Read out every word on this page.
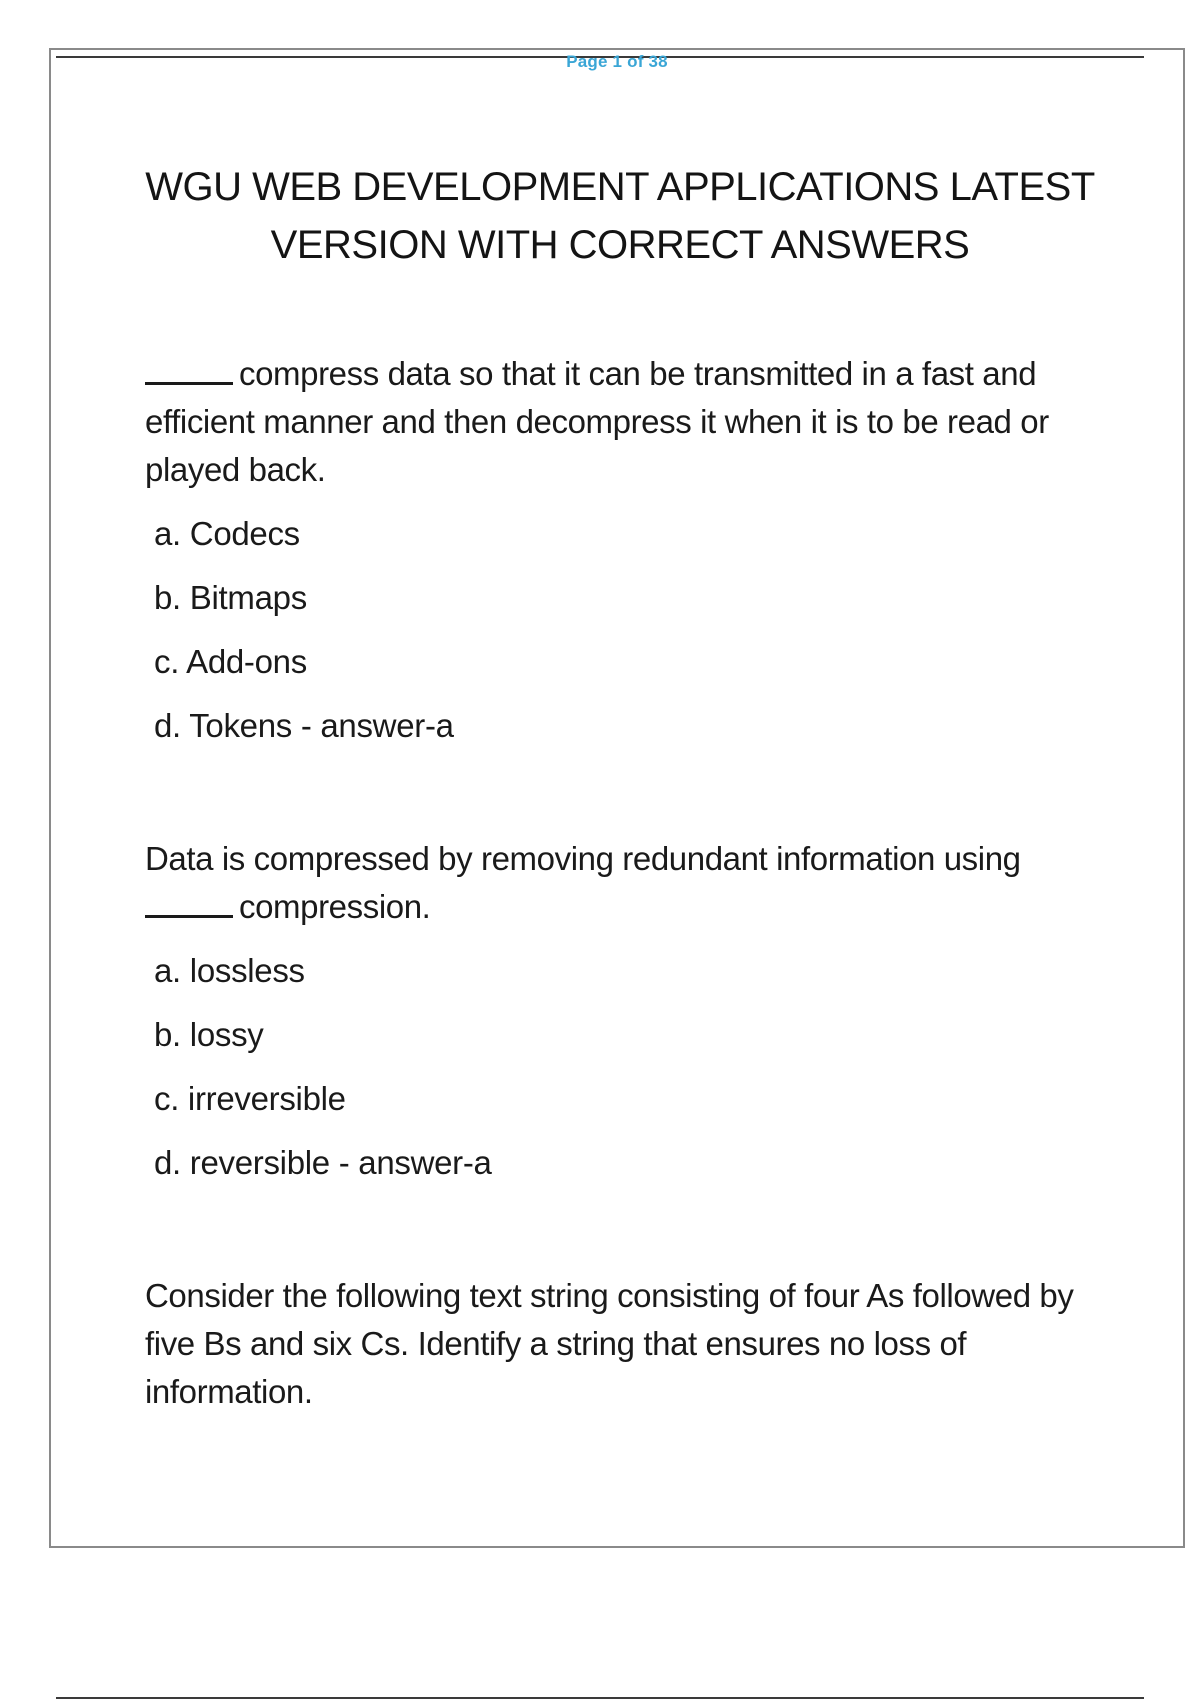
Page 1 of 38
WGU WEB DEVELOPMENT APPLICATIONS LATEST
VERSION WITH CORRECT ANSWERS

compress data so that it can be transmitted in a fast and efficient manner and then decompress it when it is to be read or played back.

a. Codecs
b. Bitmaps
c. Add-ons
d. Tokens - answer-a

Data is compressed by removing redundant information using
compression.

a. lossless
b. lossy
c. irreversible
d. reversible - answer-a

Consider the following text string consisting of four As followed by five Bs and six Cs. Identify a string that ensures no loss of information.
